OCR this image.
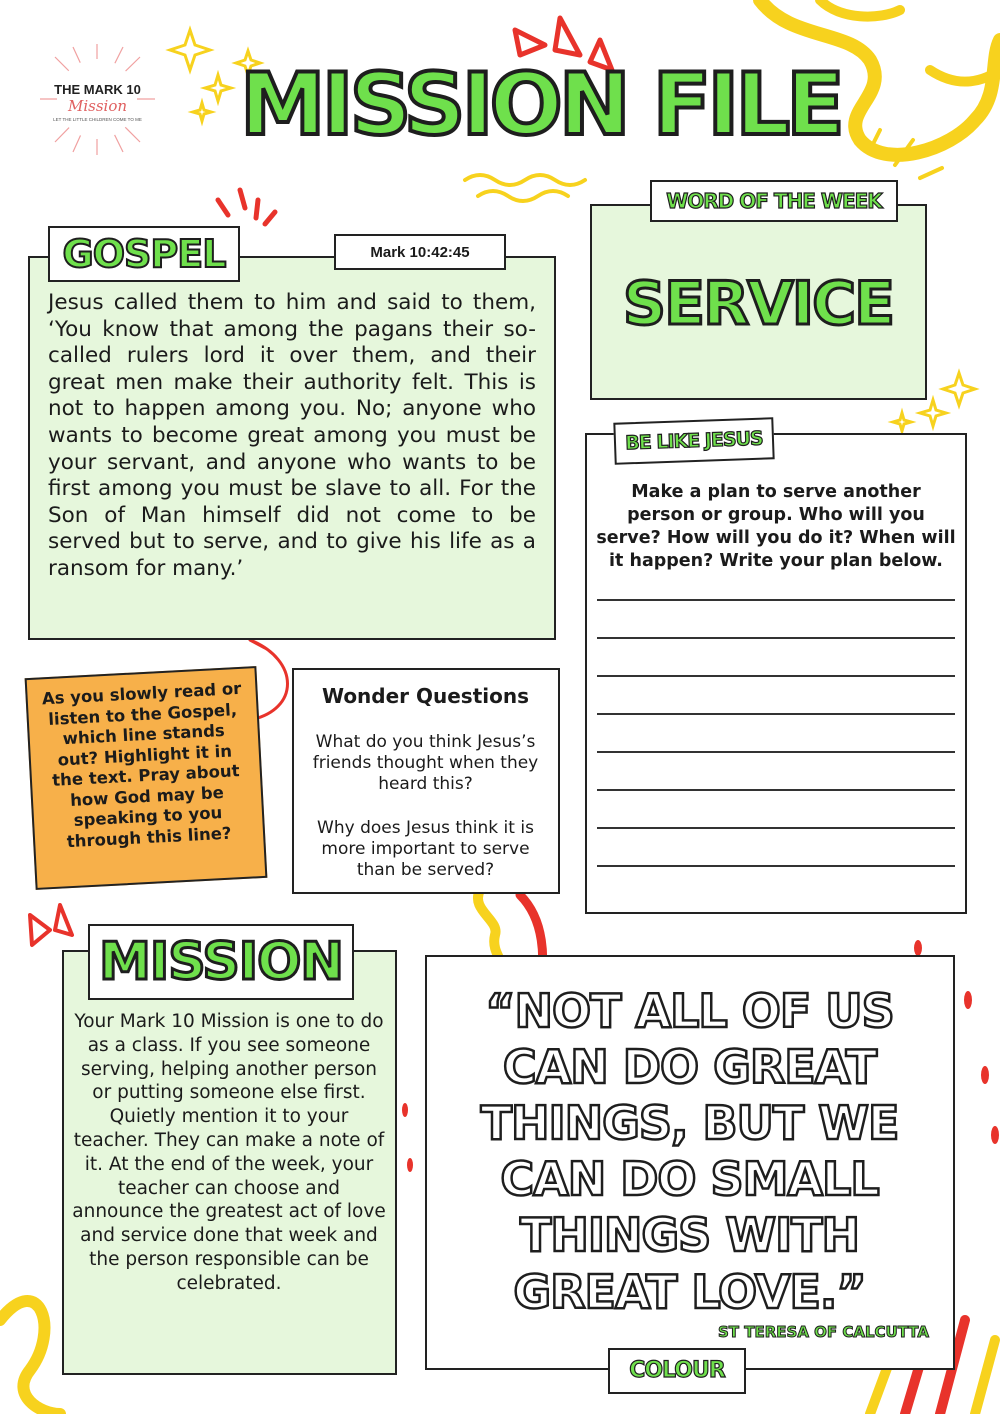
THE MARK 10
Mission
LET THE LITTLE CHILDREN COME TO ME MISSION FILE
Jesus called them to him and said to them, ‘You know that among the pagans their so-called rulers lord it over them, and their great men make their authority felt. This is not to happen among you. No; anyone who wants to become great among you must be your servant, and anyone who wants to be first among you must be slave to all. For the Son of Man himself did not come to be served but to serve, and to give his life as a ransom for many.’
GOSPEL	Mark 10:42:45
As you slowly read or listen to the Gospel, which line stands out? Highlight it in the text. Pray about how God may be speaking to you through this line?
Wonder Questions
What do you think Jesus’s friends thought when they heard this?
Why does Jesus think it is more important to serve than be served?
SERVICE
WORD OF THE WEEK
Make a plan to serve another person or group. Who will you serve? How will you do it? When will it happen? Write your plan below.
BE LIKE JESUS
Your Mark 10 Mission is one to do as a class. If you see someone serving, helping another person or putting someone else first. Quietly mention it to your teacher. They can make a note of it. At the end of the week, your teacher can choose and announce the greatest act of love and service done that week and the person responsible can be celebrated.
MISSION
“NOT ALL OF US CAN DO GREAT THINGS, BUT WE CAN DO SMALL THINGS WITH GREAT LOVE.”
ST TERESA OF CALCUTTA
COLOUR
